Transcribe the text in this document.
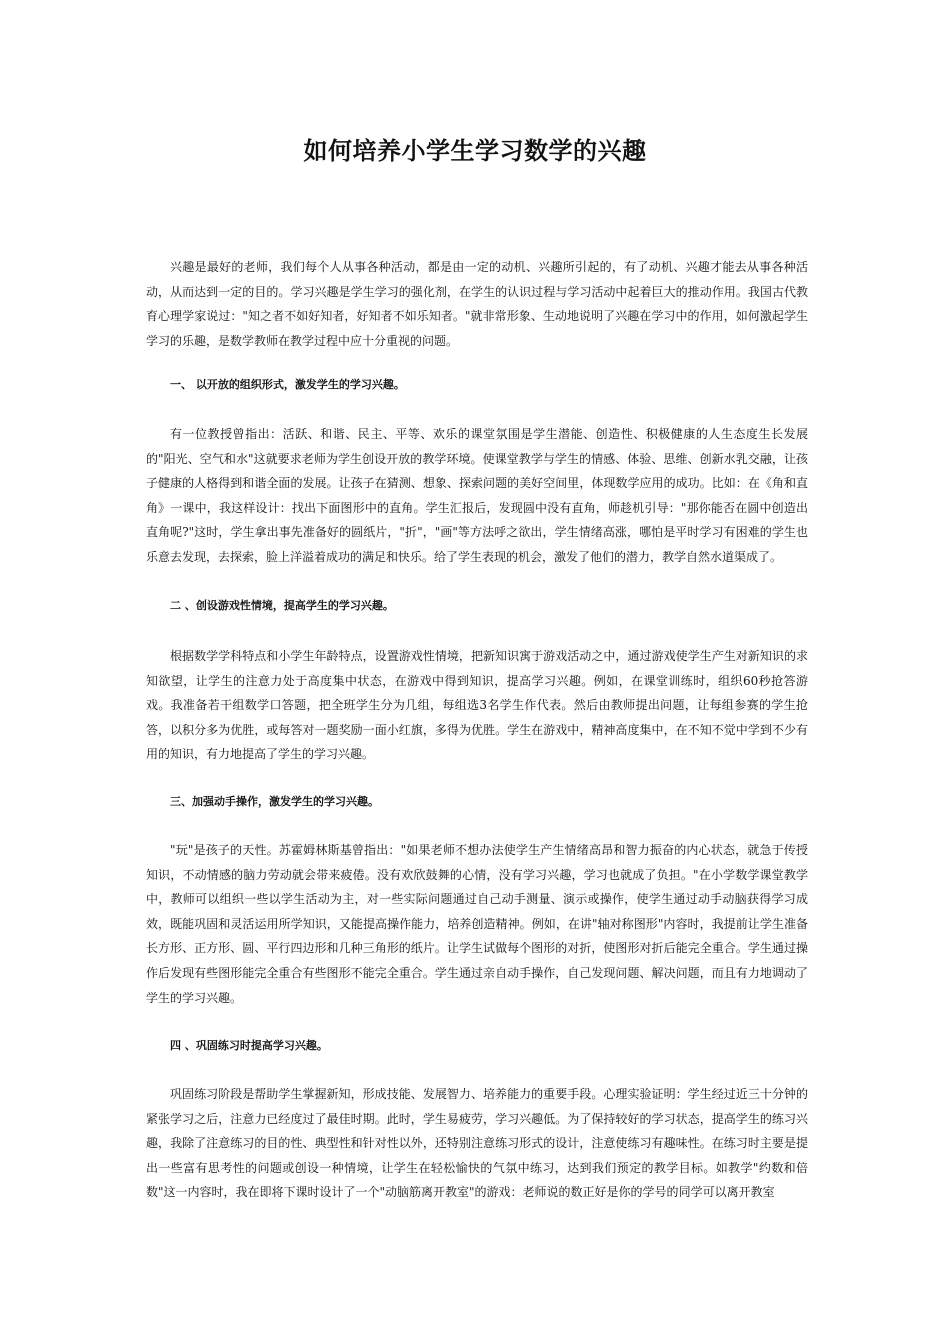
如何培养小学生学习数学的兴趣

兴趣是最好的老师，我们每个人从事各种活动，都是由一定的动机、兴趣所引起的，有了动机、兴趣才能去从事各种活动，从而达到一定的目的。学习兴趣是学生学习的强化剂，在学生的认识过程与学习活动中起着巨大的推动作用。我国古代教育心理学家说过："知之者不如好知者，好知者不如乐知者。"就非常形象、生动地说明了兴趣在学习中的作用，如何激起学生学习的乐趣，是数学教师在教学过程中应十分重视的问题。

一、 以开放的组织形式，激发学生的学习兴趣。

有一位教授曾指出：活跃、和谐、民主、平等、欢乐的课堂氛围是学生潜能、创造性、积极健康的人生态度生长发展的"阳光、空气和水"这就要求老师为学生创设开放的教学环境。使课堂教学与学生的情感、体验、思维、创新水乳交融，让孩子健康的人格得到和谐全面的发展。让孩子在猜测、想象、探索问题的美好空间里，体现数学应用的成功。比如：在《角和直角》一课中，我这样设计：找出下面图形中的直角。学生汇报后，发现圆中没有直角，师趁机引导："那你能否在圆中创造出直角呢?"这时，学生拿出事先准备好的圆纸片，"折"，"画"等方法呼之欲出，学生情绪高涨，哪怕是平时学习有困难的学生也乐意去发现，去探索，脸上洋溢着成功的满足和快乐。给了学生表现的机会，激发了他们的潜力，教学自然水道渠成了。

二 、创设游戏性情境，提高学生的学习兴趣。

根据数学学科特点和小学生年龄特点，设置游戏性情境，把新知识寓于游戏活动之中，通过游戏使学生产生对新知识的求知欲望，让学生的注意力处于高度集中状态，在游戏中得到知识，提高学习兴趣。例如，在课堂训练时，组织60秒抢答游戏。我准备若干组数学口答题，把全班学生分为几组，每组选3名学生作代表。然后由教师提出问题，让每组参赛的学生抢答，以积分多为优胜，或每答对一题奖励一面小红旗，多得为优胜。学生在游戏中，精神高度集中，在不知不觉中学到不少有用的知识，有力地提高了学生的学习兴趣。

三、加强动手操作，激发学生的学习兴趣。

"玩"是孩子的天性。苏霍姆林斯基曾指出："如果老师不想办法使学生产生情绪高昂和智力振奋的内心状态，就急于传授知识，不动情感的脑力劳动就会带来疲倦。没有欢欣鼓舞的心情，没有学习兴趣，学习也就成了负担。"在小学数学课堂教学中，教师可以组织一些以学生活动为主，对一些实际问题通过自己动手测量、演示或操作，使学生通过动手动脑获得学习成效，既能巩固和灵活运用所学知识，又能提高操作能力，培养创造精神。例如，在讲"轴对称图形"内容时，我提前让学生准备长方形、正方形、圆、平行四边形和几种三角形的纸片。让学生试做每个图形的对折，使图形对折后能完全重合。学生通过操作后发现有些图形能完全重合有些图形不能完全重合。学生通过亲自动手操作，自己发现问题、解决问题，而且有力地调动了学生的学习兴趣。

四 、巩固练习时提高学习兴趣。

巩固练习阶段是帮助学生掌握新知，形成技能、发展智力、培养能力的重要手段。心理实验证明：学生经过近三十分钟的紧张学习之后，注意力已经度过了最佳时期。此时，学生易疲劳，学习兴趣低。为了保持较好的学习状态，提高学生的练习兴趣，我除了注意练习的目的性、典型性和针对性以外，还特别注意练习形式的设计，注意使练习有趣味性。在练习时主要是提出一些富有思考性的问题或创设一种情境，让学生在轻松愉快的气氛中练习，达到我们预定的教学目标。如教学"约数和倍数"这一内容时，我在即将下课时设计了一个"动脑筋离开教室"的游戏：老师说的数正好是你的学号的同学可以离开教室
